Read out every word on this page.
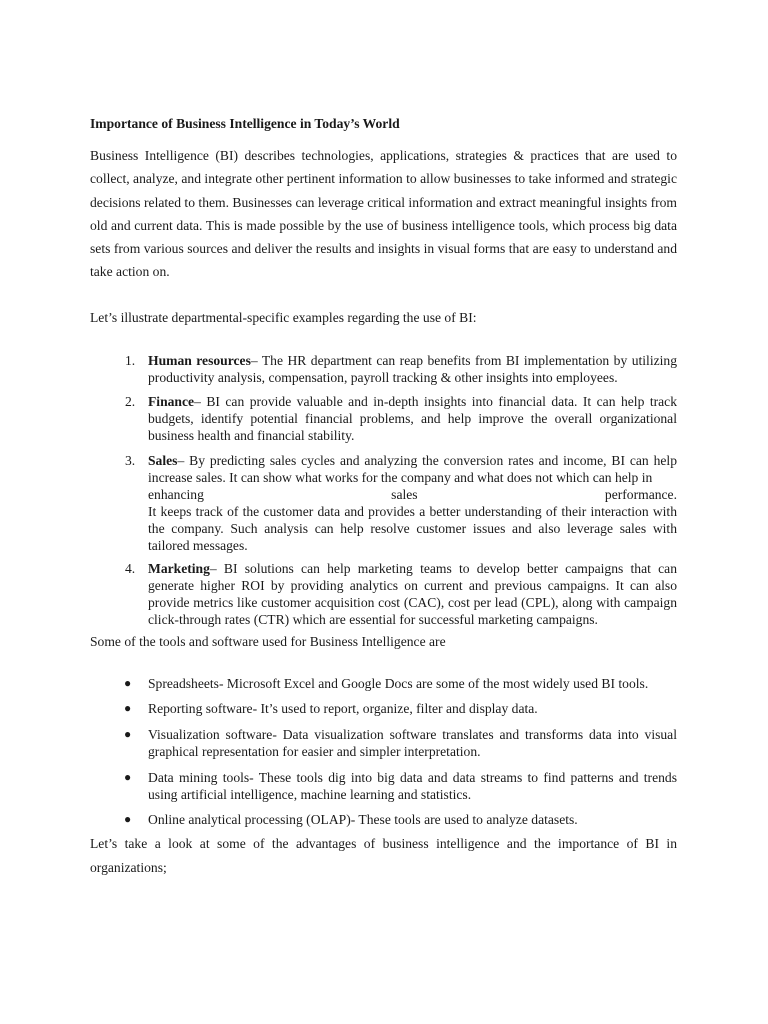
Importance of Business Intelligence in Today’s World

Business Intelligence (BI) describes technologies, applications, strategies & practices that are used to collect, analyze, and integrate other pertinent information to allow businesses to take informed and strategic decisions related to them. Businesses can leverage critical information and extract meaningful insights from old and current data. This is made possible by the use of business intelligence tools, which process big data sets from various sources and deliver the results and insights in visual forms that are easy to understand and take action on.

Let’s illustrate departmental-specific examples regarding the use of BI:

1. Human resources– The HR department can reap benefits from BI implementation by utilizing productivity analysis, compensation, payroll tracking & other insights into employees.

2. Finance– BI can provide valuable and in-depth insights into financial data. It can help track budgets, identify potential financial problems, and help improve the overall organizational business health and financial stability.

3. Sales– By predicting sales cycles and analyzing the conversion rates and income, BI can help increase sales. It can show what works for the company and what does not which can help in
enhancing sales performance.
It keeps track of the customer data and provides a better understanding of their interaction with the company. Such analysis can help resolve customer issues and also leverage sales with tailored messages.

4. Marketing– BI solutions can help marketing teams to develop better campaigns that can generate higher ROI by providing analytics on current and previous campaigns. It can also provide metrics like customer acquisition cost (CAC), cost per lead (CPL), along with campaign click-through rates (CTR) which are essential for successful marketing campaigns.

Some of the tools and software used for Business Intelligence are

● Spreadsheets- Microsoft Excel and Google Docs are some of the most widely used BI tools.

● Reporting software- It’s used to report, organize, filter and display data.

● Visualization software- Data visualization software translates and transforms data into visual graphical representation for easier and simpler interpretation.

● Data mining tools- These tools dig into big data and data streams to find patterns and trends using artificial intelligence, machine learning and statistics.

● Online analytical processing (OLAP)- These tools are used to analyze datasets.

Let’s take a look at some of the advantages of business intelligence and the importance of BI in organizations;
